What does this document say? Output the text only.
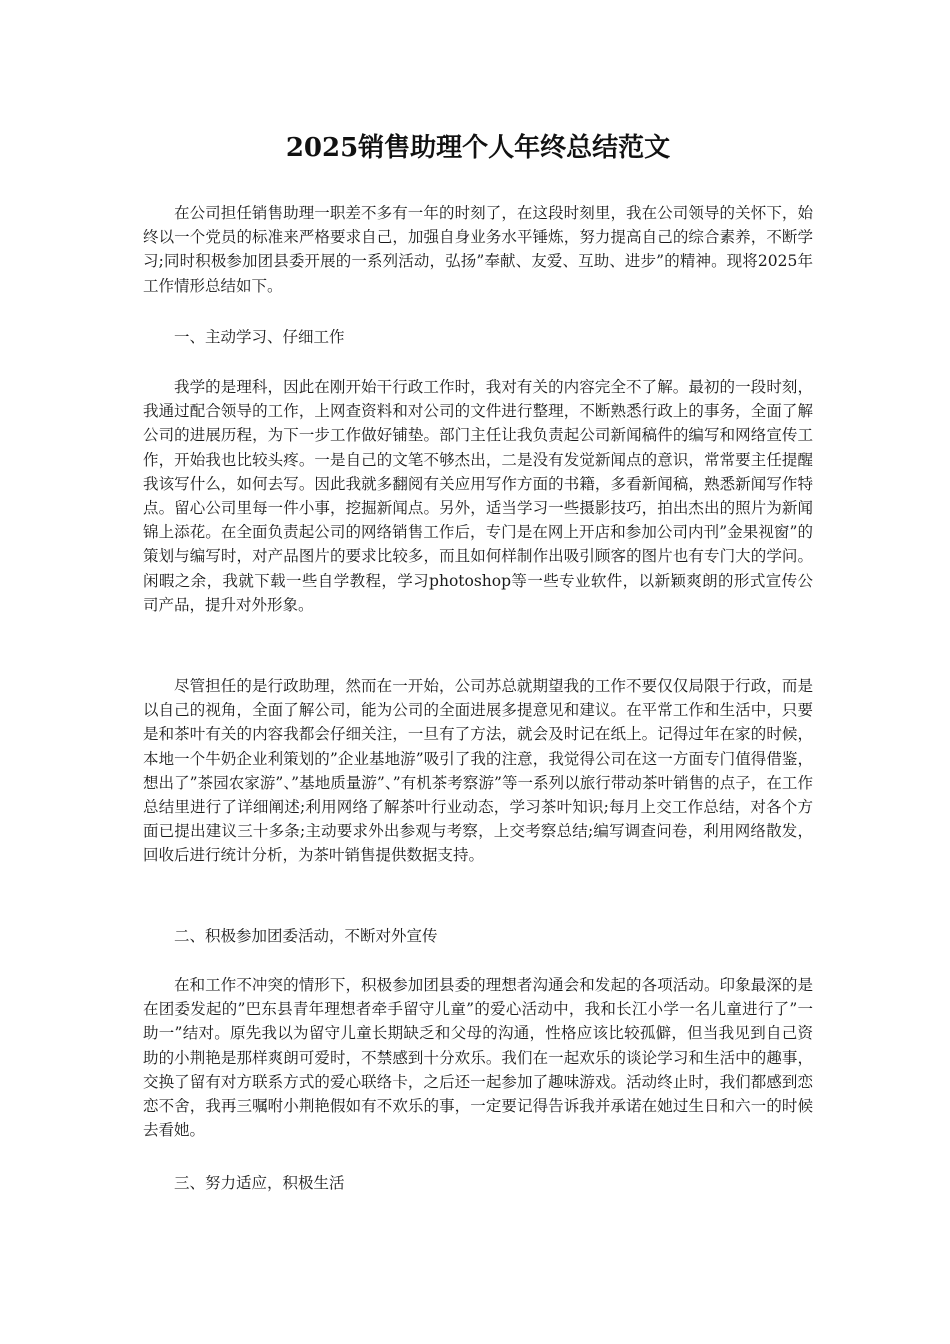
2025销售助理个人年终总结范文

在公司担任销售助理一职差不多有一年的时刻了，在这段时刻里，我在公司领导的关怀下，始终以一个党员的标准来严格要求自己，加强自身业务水平锤炼，努力提高自己的综合素养，不断学习;同时积极参加团县委开展的一系列活动，弘扬”奉献、友爱、互助、进步”的精神。现将2025年工作情形总结如下。

一、主动学习、仔细工作

我学的是理科，因此在刚开始干行政工作时，我对有关的内容完全不了解。最初的一段时刻，我通过配合领导的工作，上网查资料和对公司的文件进行整理，不断熟悉行政上的事务，全面了解公司的进展历程，为下一步工作做好铺垫。部门主任让我负责起公司新闻稿件的编写和网络宣传工作，开始我也比较头疼。一是自己的文笔不够杰出，二是没有发觉新闻点的意识，常常要主任提醒我该写什么，如何去写。因此我就多翻阅有关应用写作方面的书籍，多看新闻稿，熟悉新闻写作特点。留心公司里每一件小事，挖掘新闻点。另外，适当学习一些摄影技巧，拍出杰出的照片为新闻锦上添花。在全面负责起公司的网络销售工作后，专门是在网上开店和参加公司内刊”金果视窗”的策划与编写时，对产品图片的要求比较多，而且如何样制作出吸引顾客的图片也有专门大的学问。闲暇之余，我就下载一些自学教程，学习photoshop等一些专业软件，以新颖爽朗的形式宣传公司产品，提升对外形象。

尽管担任的是行政助理，然而在一开始，公司苏总就期望我的工作不要仅仅局限于行政，而是以自己的视角，全面了解公司，能为公司的全面进展多提意见和建议。在平常工作和生活中，只要是和茶叶有关的内容我都会仔细关注，一旦有了方法，就会及时记在纸上。记得过年在家的时候，本地一个牛奶企业利策划的”企业基地游”吸引了我的注意，我觉得公司在这一方面专门值得借鉴，想出了”茶园农家游”、”基地质量游”、”有机茶考察游”等一系列以旅行带动茶叶销售的点子，在工作总结里进行了详细阐述;利用网络了解茶叶行业动态，学习茶叶知识;每月上交工作总结，对各个方面已提出建议三十多条;主动要求外出参观与考察，上交考察总结;编写调查问卷，利用网络散发，回收后进行统计分析，为茶叶销售提供数据支持。

二、积极参加团委活动，不断对外宣传

在和工作不冲突的情形下，积极参加团县委的理想者沟通会和发起的各项活动。印象最深的是在团委发起的”巴东县青年理想者牵手留守儿童”的爱心活动中，我和长江小学一名儿童进行了”一助一”结对。原先我以为留守儿童长期缺乏和父母的沟通，性格应该比较孤僻，但当我见到自己资助的小荆艳是那样爽朗可爱时，不禁感到十分欢乐。我们在一起欢乐的谈论学习和生活中的趣事，交换了留有对方联系方式的爱心联络卡，之后还一起参加了趣味游戏。活动终止时，我们都感到恋恋不舍，我再三嘱咐小荆艳假如有不欢乐的事，一定要记得告诉我并承诺在她过生日和六一的时候去看她。

三、努力适应，积极生活
